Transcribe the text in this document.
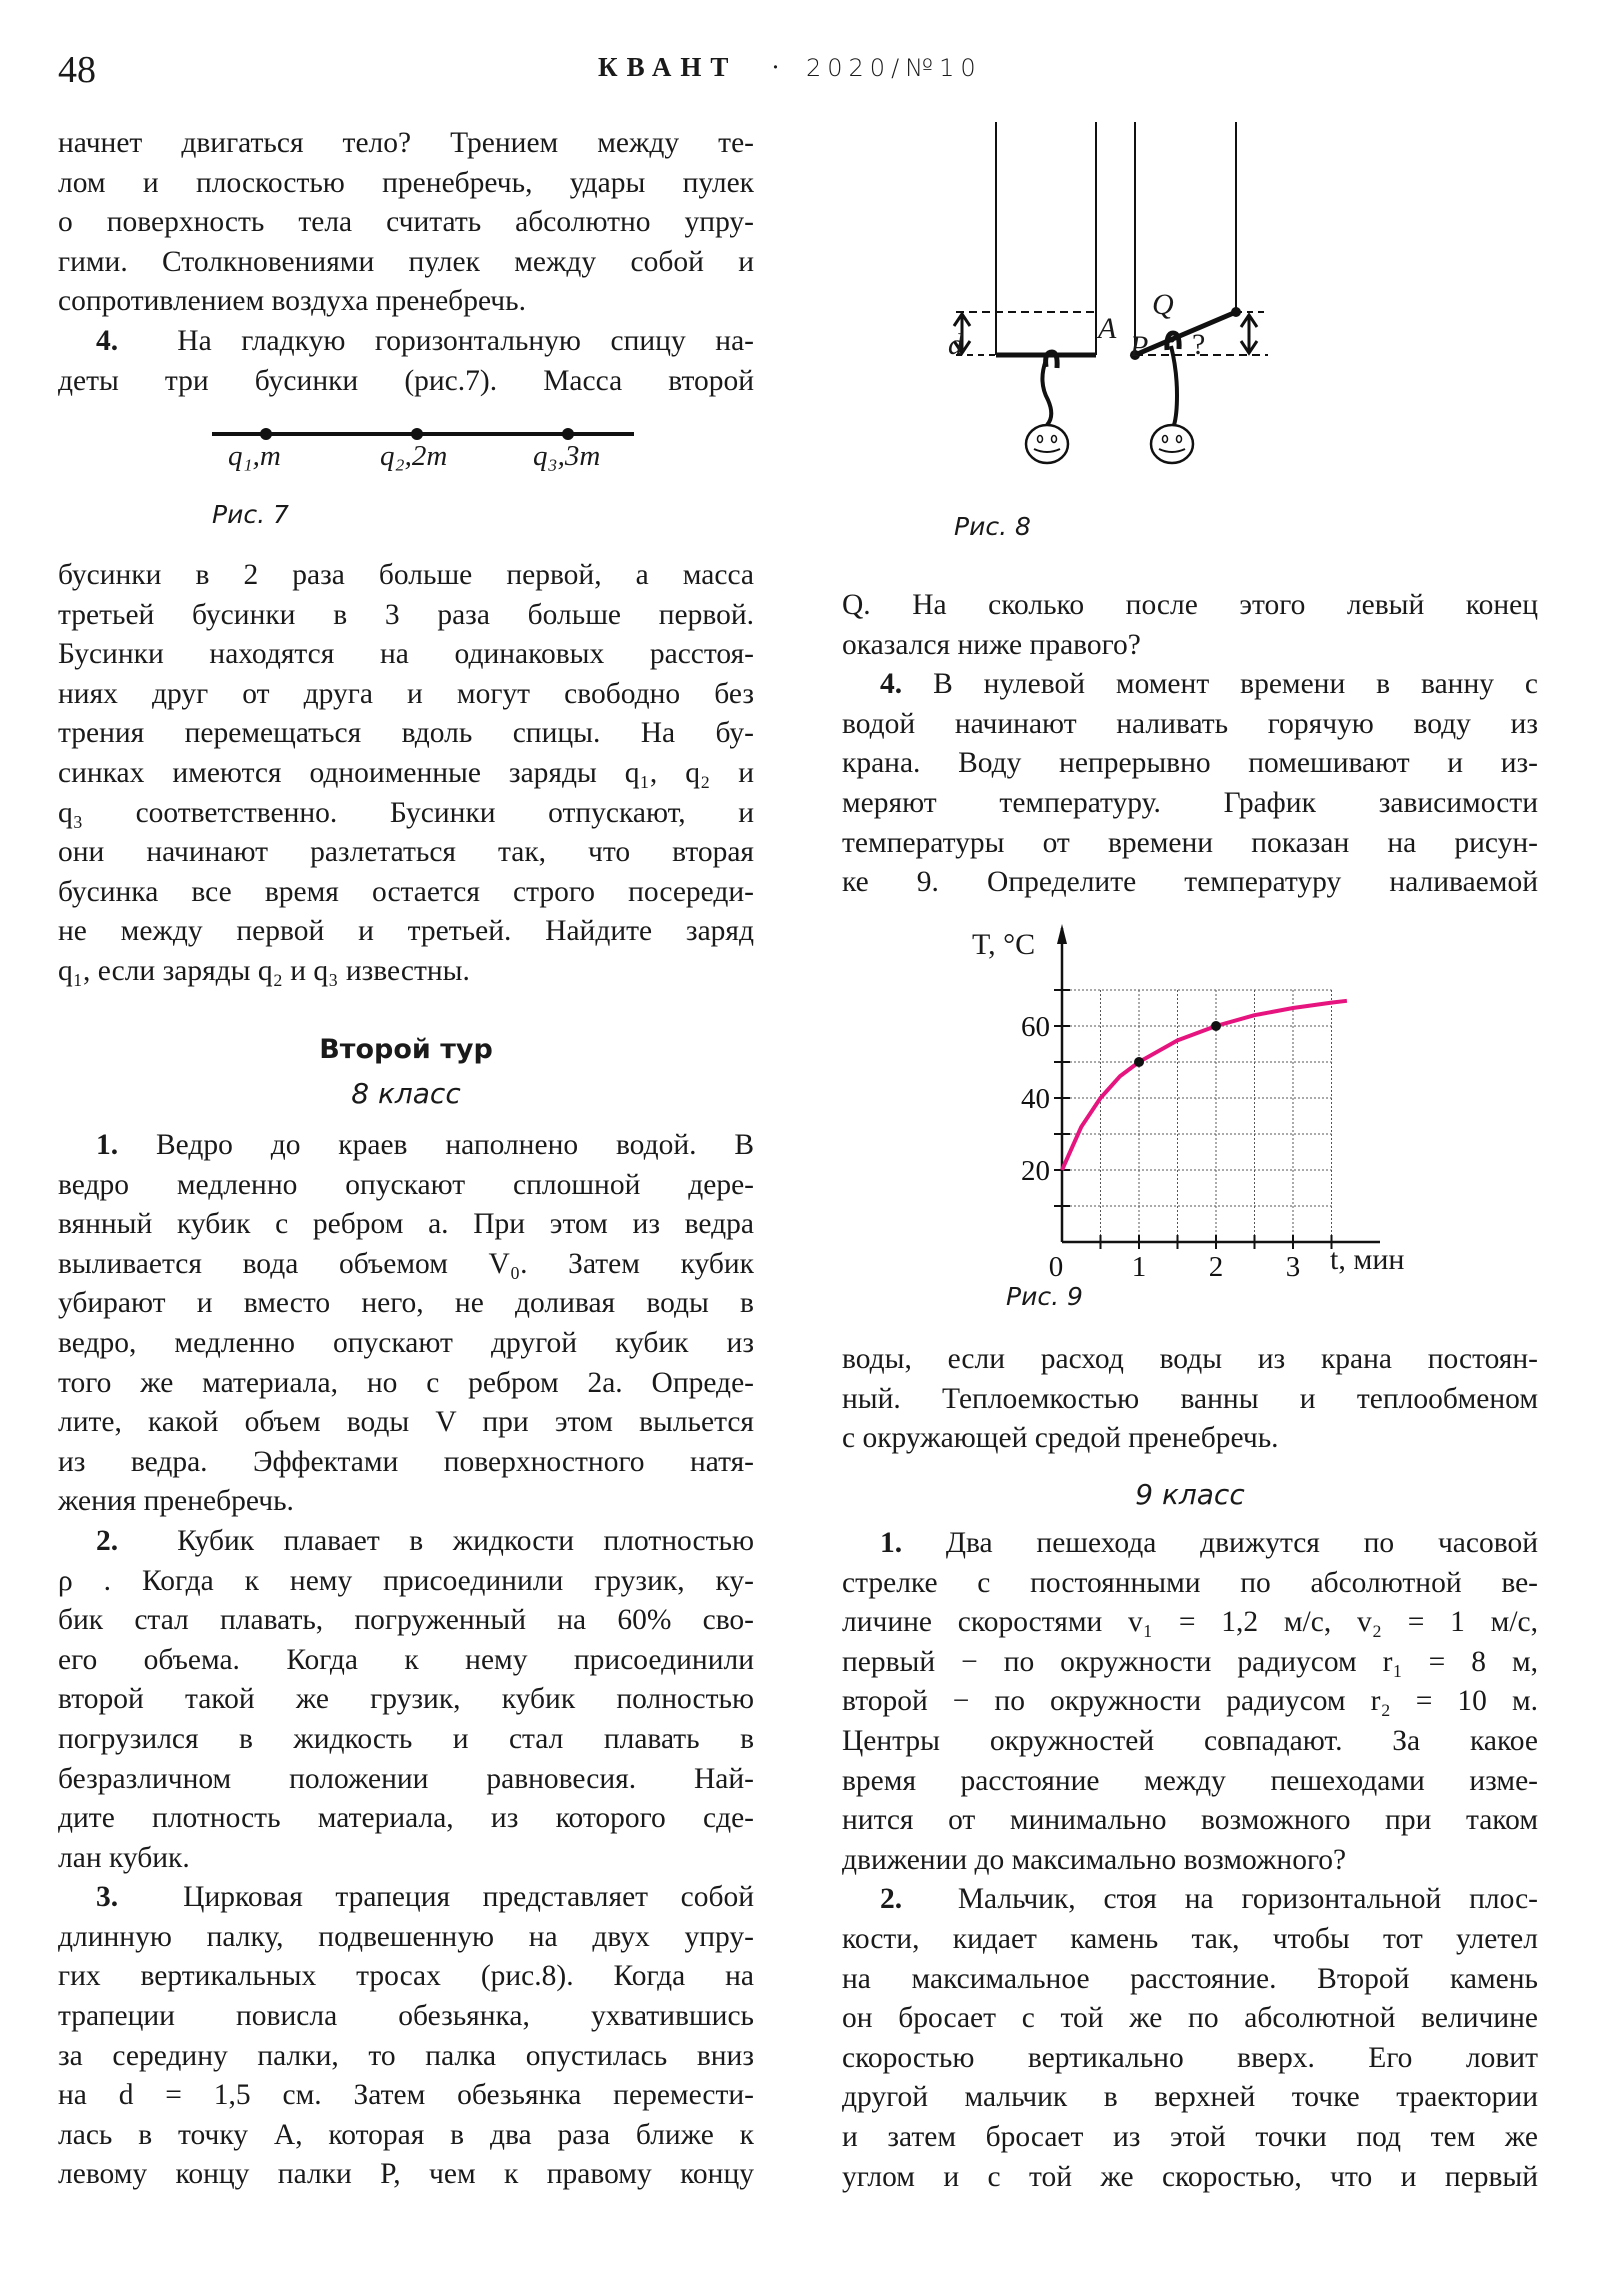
48	КВАНТ · 2020/№10
начнет двигаться тело? Трением между те-
лом и плоскостью пренебречь, удары пулек
о поверхность тела считать абсолютно упру-
гими. Столкновениями пулек между собой и
сопротивлением воздуха пренебречь.
4. На гладкую горизонтальную спицу на-
деты три бусинки (рис.7). Масса второй
q₁,m	q₂,2m	q₃,3m
Рис. 7
бусинки в 2 раза больше первой, а масса
третьей бусинки в 3 раза больше первой.
Бусинки находятся на одинаковых расстоя-
ниях друг от друга и могут свободно без
трения перемещаться вдоль спицы. На бу-
синках имеются одноименные заряды q₁, q₂ и
q₃ соответственно. Бусинки отпускают, и
они начинают разлетаться так, что вторая
бусинка все время остается строго посереди-
не между первой и третьей. Найдите заряд
q₁, если заряды q₂ и q₃ известны.
Второй тур
8 класс
1. Ведро до краев наполнено водой. В
ведро медленно опускают сплошной дере-
вянный кубик с ребром a. При этом из ведра
выливается вода объемом V₀. Затем кубик
убирают и вместо него, не доливая воды в
ведро, медленно опускают другой кубик из
того же материала, но с ребром 2a. Опреде-
лите, какой объем воды V при этом выльется
из ведра. Эффектами поверхностного натя-
жения пренебречь.
2. Кубик плавает в жидкости плотностью
ρ . Когда к нему присоединили грузик, ку-
бик стал плавать, погруженный на 60% сво-
его объема. Когда к нему присоединили
второй такой же грузик, кубик полностью
погрузился в жидкость и стал плавать в
безразличном положении равновесия. Най-
дите плотность материала, из которого сде-
лан кубик.
3. Цирковая трапеция представляет собой
длинную палку, подвешенную на двух упру-
гих вертикальных тросах (рис.8). Когда на
трапеции повисла обезьянка, ухватившись
за середину палки, то палка опустилась вниз
на d = 1,5 см. Затем обезьянка перемести-
лась в точку A, которая в два раза ближе к
левому концу палки P, чем к правому концу
d	P
A
Q
?
Рис. 8
Q. На сколько после этого левый конец
оказался ниже правого?
4. В нулевой момент времени в ванну с
водой начинают наливать горячую воду из
крана. Воду непрерывно помешивают и из-
меряют температуру. График зависимости
температуры от времени показан на рисун-
ке 9. Определите температуру наливаемой
20
40
60
0 1 2 3
T, °C
t, мин
Рис. 9
воды, если расход воды из крана постоян-
ный. Теплоемкостью ванны и теплообменом
с окружающей средой пренебречь.
9 класс
1. Два пешехода движутся по часовой
стрелке с постоянными по абсолютной ве-
личине скоростями v₁ = 1,2 м/с, v₂ = 1 м/с,
первый − по окружности радиусом r₁ = 8 м,
второй − по окружности радиусом r₂ = 10 м.
Центры окружностей совпадают. За какое
время расстояние между пешеходами изме-
нится от минимально возможного при таком
движении до максимально возможного?
2. Мальчик, стоя на горизонтальной плос-
кости, кидает камень так, чтобы тот улетел
на максимальное расстояние. Второй камень
он бросает с той же по абсолютной величине
скоростью вертикально вверх. Его ловит
другой мальчик в верхней точке траектории
и затем бросает из этой точки под тем же
углом и с той же скоростью, что и первый
